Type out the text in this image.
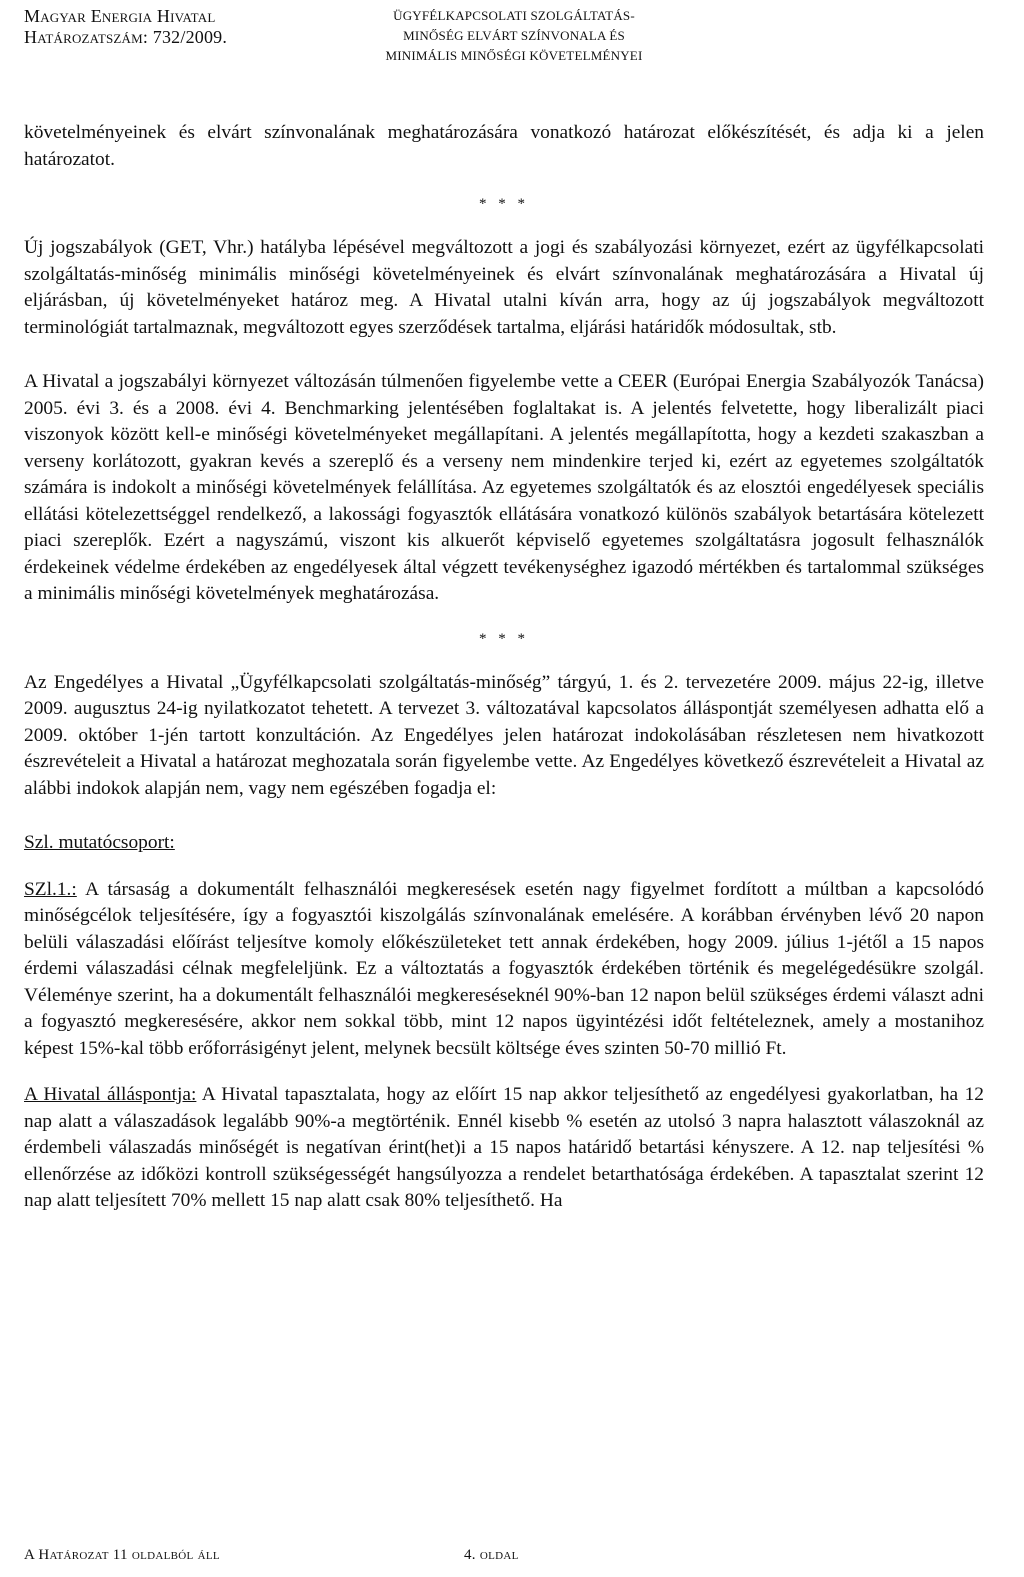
Magyar Energia Hivatal
Határozatszám: 732/2009.
ÜGYFÉLKAPCSOLATI SZOLGÁLTATÁS-
MINŐSÉG ELVÁRT SZÍNVONALA ÉS
MINIMÁLIS MINŐSÉGI KÖVETELMÉNYEI

követelményeinek és elvárt színvonalának meghatározására vonatkozó határozat előkészítését, és adja ki a jelen határozatot.

* * *

Új jogszabályok (GET, Vhr.) hatályba lépésével megváltozott a jogi és szabályozási környezet, ezért az ügyfélkapcsolati szolgáltatás-minőség minimális minőségi követelményeinek és elvárt színvonalának meghatározására a Hivatal új eljárásban, új követelményeket határoz meg. A Hivatal utalni kíván arra, hogy az új jogszabályok megváltozott terminológiát tartalmaznak, megváltozott egyes szerződések tartalma, eljárási határidők módosultak, stb.

A Hivatal a jogszabályi környezet változásán túlmenően figyelembe vette a CEER (Európai Energia Szabályozók Tanácsa) 2005. évi 3. és a 2008. évi 4. Benchmarking jelentésében foglaltakat is. A jelentés felvetette, hogy liberalizált piaci viszonyok között kell-e minőségi követelményeket megállapítani. A jelentés megállapította, hogy a kezdeti szakaszban a verseny korlátozott, gyakran kevés a szereplő és a verseny nem mindenkire terjed ki, ezért az egyetemes szolgáltatók számára is indokolt a minőségi követelmények felállítása. Az egyetemes szolgáltatók és az elosztói engedélyesek speciális ellátási kötelezettséggel rendelkező, a lakossági fogyasztók ellátására vonatkozó különös szabályok betartására kötelezett piaci szereplők. Ezért a nagyszámú, viszont kis alkuerőt képviselő egyetemes szolgáltatásra jogosult felhasználók érdekeinek védelme érdekében az engedélyesek által végzett tevékenységhez igazodó mértékben és tartalommal szükséges a minimális minőségi követelmények meghatározása.

* * *

Az Engedélyes a Hivatal „Ügyfélkapcsolati szolgáltatás-minőség” tárgyú, 1. és 2. tervezetére 2009. május 22-ig, illetve 2009. augusztus 24-ig nyilatkozatot tehetett. A tervezet 3. változatával kapcsolatos álláspontját személyesen adhatta elő a 2009. október 1-jén tartott konzultáción. Az Engedélyes jelen határozat indokolásában részletesen nem hivatkozott észrevételeit a Hivatal a határozat meghozatala során figyelembe vette. Az Engedélyes következő észrevételeit a Hivatal az alábbi indokok alapján nem, vagy nem egészében fogadja el:

Szl. mutatócsoport:

SZl.1.: A társaság a dokumentált felhasználói megkeresések esetén nagy figyelmet fordított a múltban a kapcsolódó minőségcélok teljesítésére, így a fogyasztói kiszolgálás színvonalának emelésére. A korábban érvényben lévő 20 napon belüli válaszadási előírást teljesítve komoly előkészületeket tett annak érdekében, hogy 2009. július 1-jétől a 15 napos érdemi válaszadási célnak megfeleljünk. Ez a változtatás a fogyasztók érdekében történik és megelégedésükre szolgál. Véleménye szerint, ha a dokumentált felhasználói megkereséseknél 90%-ban 12 napon belül szükséges érdemi választ adni a fogyasztó megkeresésére, akkor nem sokkal több, mint 12 napos ügyintézési időt feltételeznek, amely a mostanihoz képest 15%-kal több erőforrásigényt jelent, melynek becsült költsége éves szinten 50-70 millió Ft.

A Hivatal álláspontja: A Hivatal tapasztalata, hogy az előírt 15 nap akkor teljesíthető az engedélyesi gyakorlatban, ha 12 nap alatt a válaszadások legalább 90%-a megtörténik. Ennél kisebb % esetén az utolsó 3 napra halasztott válaszoknál az érdembeli válaszadás minőségét is negatívan érint(het)i a 15 napos határidő betartási kényszere. A 12. nap teljesítési % ellenőrzése az időközi kontroll szükségességét hangsúlyozza a rendelet betarthatósága érdekében. A tapasztalat szerint 12 nap alatt teljesített 70% mellett 15 nap alatt csak 80% teljesíthető. Ha

A Határozat 11 oldalból áll	4. oldal
